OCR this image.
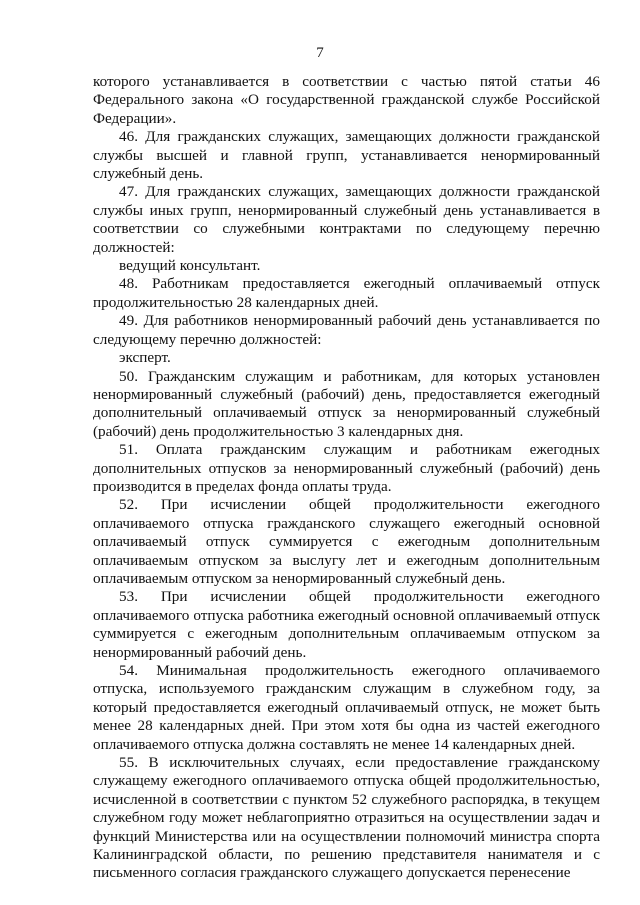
7

которого устанавливается в соответствии с частью пятой статьи 46 Федерального закона «О государственной гражданской службе Российской Федерации».

46. Для гражданских служащих, замещающих должности гражданской службы высшей и главной групп, устанавливается ненормированный служебный день.

47. Для гражданских служащих, замещающих должности гражданской службы иных групп, ненормированный служебный день устанавливается в соответствии со служебными контрактами по следующему перечню должностей:

ведущий консультант.

48. Работникам предоставляется ежегодный оплачиваемый отпуск продолжительностью 28 календарных дней.

49. Для работников ненормированный рабочий день устанавливается по следующему перечню должностей:

эксперт.

50. Гражданским служащим и работникам, для которых установлен ненормированный служебный (рабочий) день, предоставляется ежегодный дополнительный оплачиваемый отпуск за ненормированный служебный (рабочий) день продолжительностью 3 календарных дня.

51. Оплата гражданским служащим и работникам ежегодных дополнительных отпусков за ненормированный служебный (рабочий) день производится в пределах фонда оплаты труда.

52. При исчислении общей продолжительности ежегодного оплачиваемого отпуска гражданского служащего ежегодный основной оплачиваемый отпуск суммируется с ежегодным дополнительным оплачиваемым отпуском за выслугу лет и ежегодным дополнительным оплачиваемым отпуском за ненормированный служебный день.

53. При исчислении общей продолжительности ежегодного оплачиваемого отпуска работника ежегодный основной оплачиваемый отпуск суммируется с ежегодным дополнительным оплачиваемым отпуском за ненормированный рабочий день.

54. Минимальная продолжительность ежегодного оплачиваемого отпуска, используемого гражданским служащим в служебном году, за который предоставляется ежегодный оплачиваемый отпуск, не может быть менее 28 календарных дней. При этом хотя бы одна из частей ежегодного оплачиваемого отпуска должна составлять не менее 14 календарных дней.

55. В исключительных случаях, если предоставление гражданскому служащему ежегодного оплачиваемого отпуска общей продолжительностью, исчисленной в соответствии с пунктом 52 служебного распорядка, в текущем служебном году может неблагоприятно отразиться на осуществлении задач и функций Министерства или на осуществлении полномочий министра спорта Калининградской области, по решению представителя нанимателя и с письменного согласия гражданского служащего допускается перенесение
